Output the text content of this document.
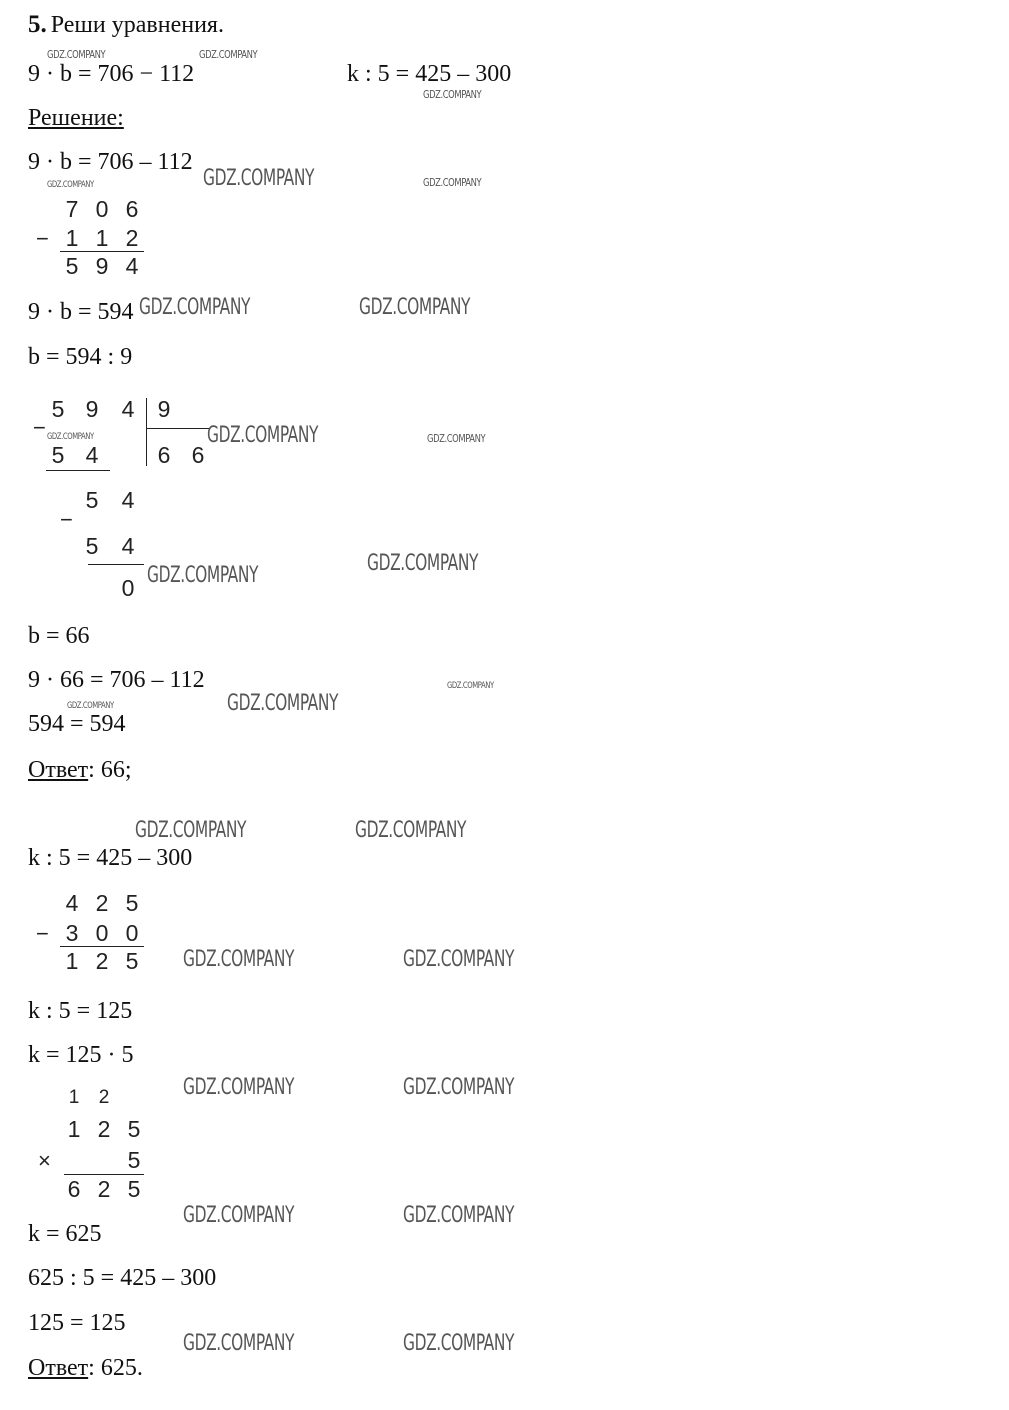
5. Реши уравнения.
9 · b = 706 − 112	k : 5 = 425 – 300
Решение:
9 · b = 706 – 112
7 0 6
− 1 1 2
5 9 4
9 · b = 594
b = 594 : 9
5 9 4 9
6 6
−
5 4
5 4
−
5 4
0
b = 66
9 · 66 = 706 – 112
594 = 594
Ответ: 66;
k : 5 = 425 – 300
4 2 5
− 3 0 0
1 2 5
k : 5 = 125
k = 125 · 5
1 2
1 2 5
×	5
6 2 5
k = 625
625 : 5 = 425 – 300
125 = 125
Ответ: 625.
GDZ.COMPANY	GDZ.COMPANY
GDZ.COMPANY
GDZ.COMPANY	GDZ.COMPANY
GDZ.COMPANY
GDZ.COMPANY	GDZ.COMPANY
GDZ.COMPANY	GDZ.COMPANY	GDZ.COMPANY
GDZ.COMPANY
GDZ.COMPANY
GDZ.COMPANY
GDZ.COMPANY
GDZ.COMPANY
GDZ.COMPANY	GDZ.COMPANY
GDZ.COMPANY	GDZ.COMPANY
GDZ.COMPANY	GDZ.COMPANY
GDZ.COMPANY	GDZ.COMPANY
GDZ.COMPANY	GDZ.COMPANY
